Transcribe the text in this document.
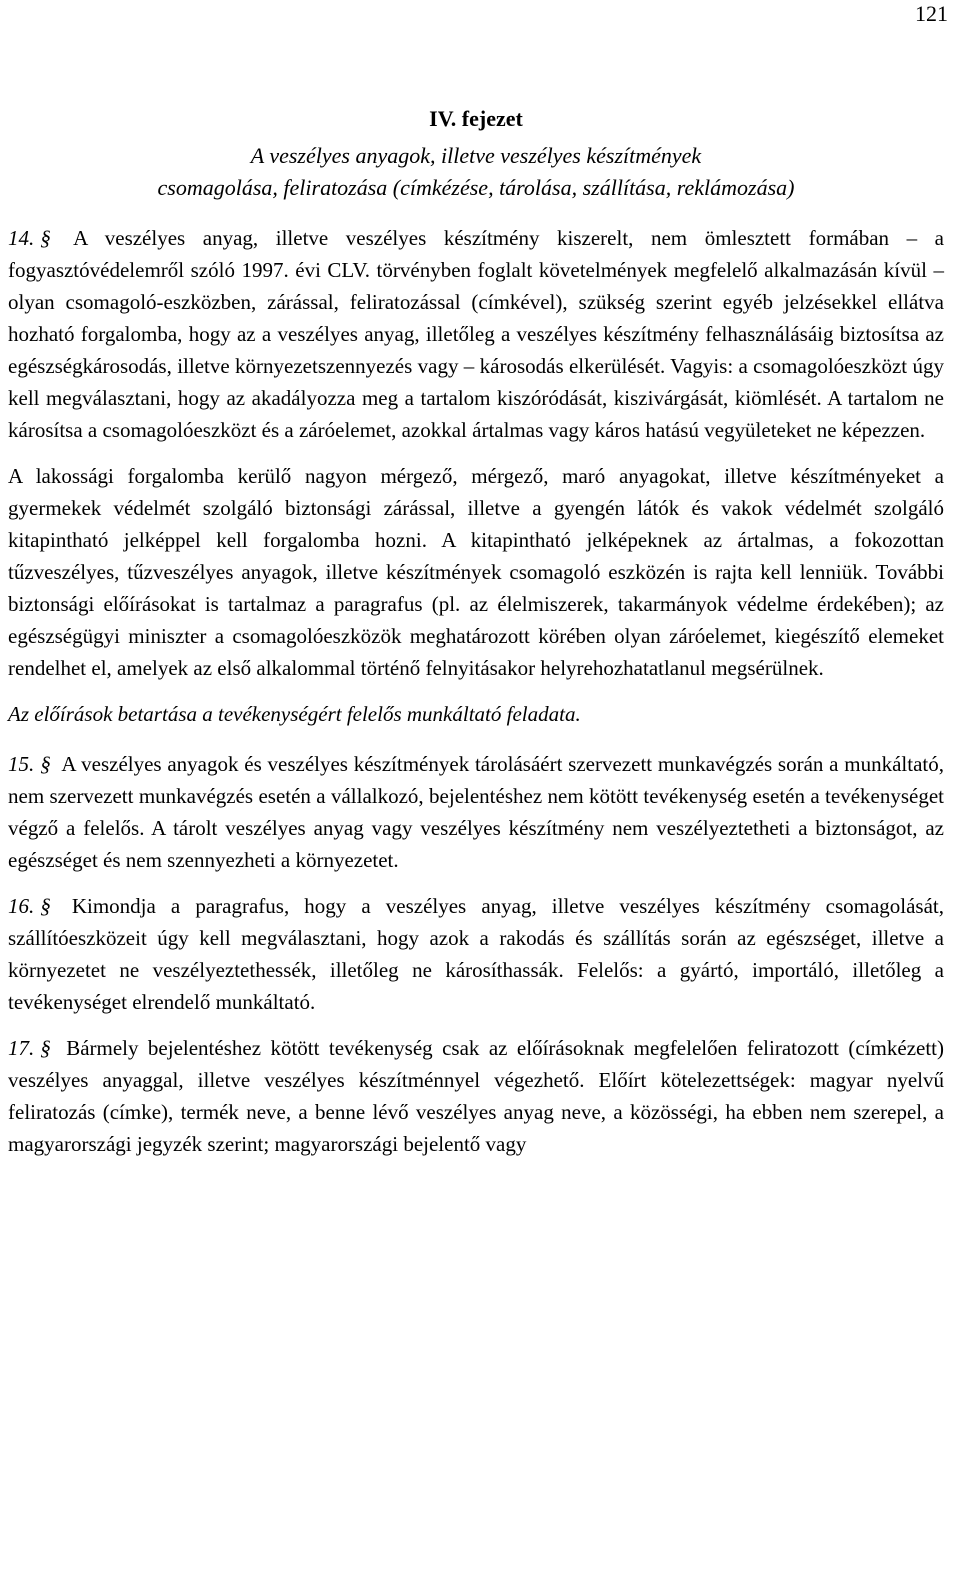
121
IV. fejezet
A veszélyes anyagok, illetve veszélyes készítmények
csomagolása, feliratozása (címkézése, tárolása, szállítása, reklámozása)

14. § A veszélyes anyag, illetve veszélyes készítmény kiszerelt, nem ömlesztett formában – a fogyasztóvédelemről szóló 1997. évi CLV. törvényben foglalt követelmények megfelelő alkalmazásán kívül – olyan csomagoló-eszközben, zárással, feliratozással (címkével), szükség szerint egyéb jelzésekkel ellátva hozható forgalomba, hogy az a veszélyes anyag, illetőleg a veszélyes készítmény felhasználásáig biztosítsa az egészségkárosodás, illetve környezetszennyezés vagy – károsodás elkerülését. Vagyis: a csomagolóeszközt úgy kell megválasztani, hogy az akadályozza meg a tartalom kiszóródását, kiszivárgását, kiömlését. A tartalom ne károsítsa a csomagolóeszközt és a záróelemet, azokkal ártalmas vagy káros hatású vegyületeket ne képezzen.

A lakossági forgalomba kerülő nagyon mérgező, mérgező, maró anyagokat, illetve készítményeket a gyermekek védelmét szolgáló biztonsági zárással, illetve a gyengén látók és vakok védelmét szolgáló kitapintható jelképpel kell forgalomba hozni. A kitapintható jelképeknek az ártalmas, a fokozottan tűzveszélyes, tűzveszélyes anyagok, illetve készítmények csomagoló eszközén is rajta kell lenniük. További biztonsági előírásokat is tartalmaz a paragrafus (pl. az élelmiszerek, takarmányok védelme érdekében); az egészségügyi miniszter a csomagolóeszközök meghatározott körében olyan záróelemet, kiegészítő elemeket rendelhet el, amelyek az első alkalommal történő felnyitásakor helyrehozhatatlanul megsérülnek.

Az előírások betartása a tevékenységért felelős munkáltató feladata.

15. § A veszélyes anyagok és veszélyes készítmények tárolásáért szervezett munkavégzés során a munkáltató, nem szervezett munkavégzés esetén a vállalkozó, bejelentéshez nem kötött tevékenység esetén a tevékenységet végző a felelős. A tárolt veszélyes anyag vagy veszélyes készítmény nem veszélyeztetheti a biztonságot, az egészséget és nem szennyezheti a környezetet.

16. § Kimondja a paragrafus, hogy a veszélyes anyag, illetve veszélyes készítmény csomagolását, szállítóeszközeit úgy kell megválasztani, hogy azok a rakodás és szállítás során az egészséget, illetve a környezetet ne veszélyeztethessék, illetőleg ne károsíthassák. Felelős: a gyártó, importáló, illetőleg a tevékenységet elrendelő munkáltató.

17. § Bármely bejelentéshez kötött tevékenység csak az előírásoknak megfelelően feliratozott (címkézett) veszélyes anyaggal, illetve veszélyes készítménnyel végezhető. Előírt kötelezettségek: magyar nyelvű feliratozás (címke), termék neve, a benne lévő veszélyes anyag neve, a közösségi, ha ebben nem szerepel, a magyarországi jegyzék szerint; magyarországi bejelentő vagy
